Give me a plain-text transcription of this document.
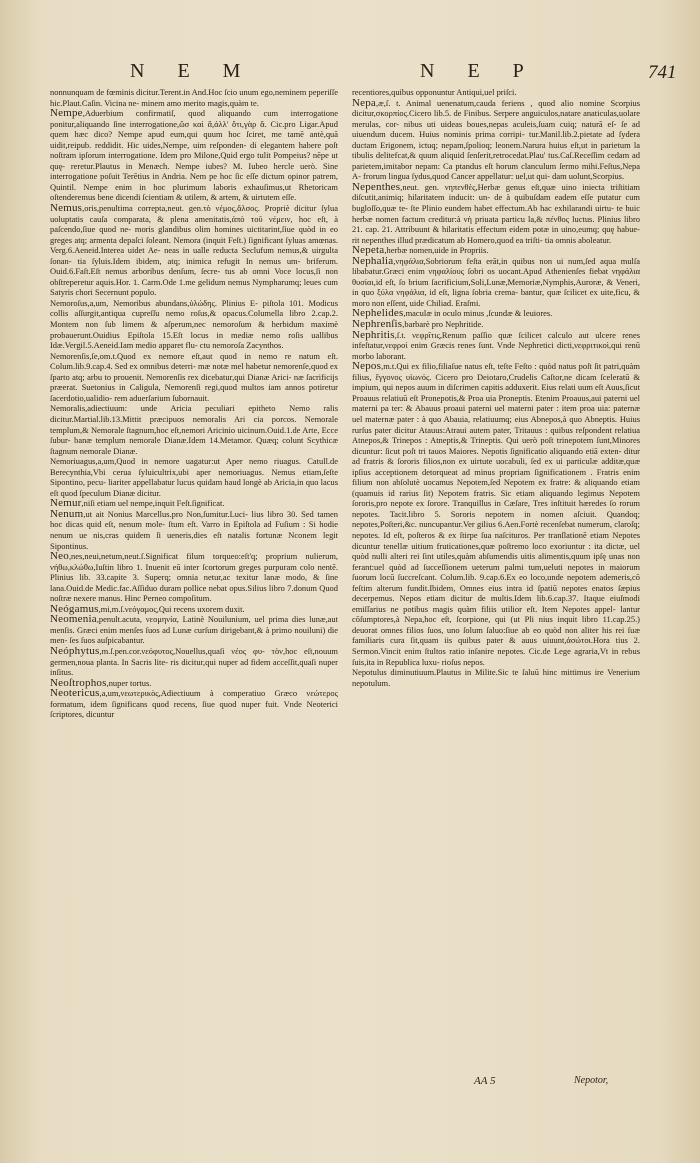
N E M	N E P	741

nonnunquam de fœminis dicitur.Terent.in And.Hoc ſcio unum ego,neminem peperiſſe hic.Plaut.Caſin. Vicina ne- minem amo merito magis,quàm te.

Nempe,Aduerbium confirmatiſ, quod aliquando cum interrogatione ponitur,aliquando ſine interrogatione,ὥσ καὶ ἅ,ἀλλ' ὅτι,γὰρ ἄ. Cic.pro Ligar.Apud quem hæc dico? Nempe apud eum,qui quum hoc ſciret, me tamē antè,quā uidit,reipub. reddidit. Hic uides,Nempe, uim reſponden- di elegantem habere poſt noſtram ipſorum interrogatione. Idem pro Milone,Quid ergo tulit Pompeius? nēpe ut quę- reretur.Plautus in Menæch. Nempe iubes? M. Iubeo hercle uerò. Sine interrogatione poſuit Terētius in Andria. Nem pe hoc ſic eſſe dictum opinor patrem, Quintil. Nempe enim in hoc plurimum laboris exhauſimus,ut Rhetoricam oſtenderemus bene dicendi ſcientiam & utilem, & artem, & uirtutem eſſe.

Nemus,oris,penultima correpta,neut. gen.τὸ νέμος,ἄλσος. Propriè dicitur ſylua uoluptatis cauſa comparata, & plena amenitatis,ἀπὸ τοῦ νέμειν, hoc eſt, à paſcendo,ſiue quod ne- moris glandibus olim homines uictitarint,ſiue quòd in eo greges atq; armenta depaſci ſoleant. Nemora (inquit Feſt.) ſignificant ſyluas amœnas. Verg.6.Aeneid.Interea uidet Ae- neas in ualle reducta Seclufum nemus,& uirgulta ſonan- tia ſyluis.Idem ibidem, atq; inimica refugit In nemus um- briferum. Ouid.6.Faſt.Eſt nemus arboribus denſum, ſecre- tus ab omni Voce locus,ſi non obſtreperetur aquis.Hor. 1. Carm.Ode 1.me gelidum nemus Nympharumq; leues cum Satyris chori Secernunt populo.

Nemoroſus,a,um, Nemoribus abundans,ὑλώδης. Plinius E- piſtola 101. Modicus collis aſſurgit,antiqua cupreſſu nemo roſus,& opacus.Columella libro 2.cap.2. Montem non ſub limem & aſperum,nec nemoroſum & herbidum maximè probauerunt.Ouidius Epiſtola 15.Eſt locus in mediæ nemo roſis uallibus Idæ.Vergil.5.Aeneid.Iam medio apparet flu- ctu nemoroſa Zacynthos.

Nemorenſis,ſe,om.t.Quod ex nemore eſt,aut quod in nemo re natum eſt. Colum.lib.9.cap.4. Sed ex omnibus deterri- mæ notæ mel habetur nemorenſe,quod ex ſparto atq; arbu to prouenit. Nemorenſis rex dicebatur,qui Dianæ Arici- næ ſacrificijs præerat. Suetonius in Caligula, Nemorenſi regi,quod multos iam annos potiretur ſacerdotio,ualidio- rem aduerſarium ſubornauit.

Nemoralis,adiectiuum: unde Aricia peculiari epitheto Nemo ralis dicitur.Martial.lib.13.Mittit præcipuos nemoralis Ari cia porcos. Nemorale templum,& Nemorale ſtagnum,hoc eſt,nemori Aricinio uicinum.Ouid.1.de Arte, Ecce ſubur- banæ templum nemorale Dianæ.Idem 14.Metamor. Quæq; colunt Scythicæ ſtagnum nemorale Dianæ.

Nemoriuagus,a,um,Quod in nemore uagatur:ut Aper nemo riuagus. Catull.de Berecynthia,Vbi cerua ſyluicultrix,ubi aper nemoriuagus. Nemus etiam,ſeſte Sipontino, pecu- liariter appellabatur lucus quidam haud longè ab Aricia,in quo lacus eſt quod ſpeculum Dianæ dicitur.

Nemur,niſi etiam uel nempe,inquit Feſt.ſignificat.

Nenum,ut ait Nonius Marcellus.pro Non,ſumitur.Luci- lius libro 30. Sed tamen hoc dicas quid eſt, nenum mole- ſtum eſt. Varro in Epiſtola ad Fuſium : Si hodie nenum ue nis,cras quidem ſi ueneris,dies eſt natalis fortunæ Nconem legit Sipontinus.

Neo,nes,neui,netum,neut.ſ.Significat filum torqueo:eſt'q; proprium nulierum, νήθω,κλώθω,Iuſtin libro 1. Inuenit eū inter ſcortorum greges purpuram colo nentē. Plinius lib. 33.capite 3. Superq; omnia netur,ac texitur lanæ modo, & ſine lana.Ouid.de Medic.fac.Aſſiduo duram pollice nebat opus.Silius libro 7.donum Quod noſtræ nexere manus. Hinc Perneo compoſitum.

Neógamus,mi,m.ſ.νεόγαμος,Qui recens uxorem duxit.

Neomenia,penult.acuta, νεομηνία, Latinè Nouilunium, uel prima dies lunæ,aut menſis. Græci enim menſes ſuos ad Lunæ curſum dirigebant,& à primo nouiluni) die men- ſes ſuos auſpicabantur.

Neóphytus,m.ſ.pen.cor.νεόφυτος,Nouellus,quaſi νέος φυ- τὸν,hoc eſt,nouum germen,noua planta. In Sacris lite- ris dicitur,qui nuper ad fidem acceſſit,quaſi nuper inſitus.

Neoſtrophos,nuper tortus.

Neotericus,a,um,νεωτερικὸς,Adiectiuum à comperatiuo Græco νεώτερος formatum, idem ſignificans quod recens, ſiue quod nuper fuit. Vnde Neoterici ſcriptores, dicuntur

recentiores,quibus opponuntur Antiqui,uel priſci.

Nepa,æ,ſ. t. Animal uenenatum,cauda feriens , quod alio nomine Scorpius dicitur,σκορπίος.Cicero lib.5. de Finibus. Serpere anguiculos,natare anaticulas,uolare merulas, cor- nibus uti uideas boues,nepas aculeis,ſuam cuiq; naturā eſ- ſe ad uiuendum ducem. Huius nominis prima corripi- tur.Manil.lib.2.pietate ad ſydera ductam Erigonem, ictuq; nepam,ſpolioq; leonem.Narura huius eſt,ut in parietum la tibulis delitefcat,& quum aliquid ſenſerit,retrocedat.Plau' tus.Caſ.Receſſim cedam ad parietem,imitabor nepam: Ca ptandus eſt horum clanculum ſermo mihi.Feſtus,Nepa A- frorum lingua ſydus,quod Cancer appellatur: uel,ut qui- dam uolunt,Scorpius.

Nepenthes,neut. gen. νηπενθὲς,Herbæ genus eſt,quæ uino iniecta triſtitiam diſcutit,animiq; hilaritatem inducit: un- de à quibuſdam eadem eſſe putatur cum bugloſſo,quæ te- ſte Plinio eundem habet effectum.Ab hac exhilarandi uirtu- te huic herbæ nomen factum creditur:à νὴ priuata particu la,& πένθος luctus. Plinius libro 21. cap. 21. Attribuunt & hilaritatis effectum eidem potæ in uino,eumq; quę habue- rit nepenthes illud prædicatum ab Homero,quod ea triſti- tia omnis aboleatur.

Nepeta,herbæ nomen,uide in Propriis.

Nephalia,νηφάλια,Sobriorum feſta erāt,in quibus non ui num,ſed aqua mulſa libabatur.Græci enim νηφαλίους ſobri os uocant.Apud Athenienſes fiebat νηφάλια θυσίαι,id eſt, ſo brium ſacrificium,Soli,Lunæ,Memoriæ,Nymphis,Auroræ, & Veneri, in quo ξύλα νηφάλια, id eſt, ligna ſobria crema- bantur, quæ ſcilicet ex uite,ficu, & moro non eſſent, uide Chiliad. Eraſmi.

Nephelides,maculæ in oculo minus ,ſcundæ & leuiores.

Nephrenſis,barbarè pro Nephritide.

Nephritis,ſ.t. νεφρῖτις,Renum paſſio quæ ſcilicet calculo aut ulcere renes infeſtatur,νεφροὶ enim Græcis renes ſunt. Vnde Nephretici dicti,νεφριτικοὶ,qui renū morbo laborant.

Nepos,m.t.Qui ex filio,filiaſue natus eſt, teſte Feſto : quòd natus poſt ſit patri,quàm filius, ἔγγονος υἱωνός. Cicero pro Deiotaro,Crudelis Caſtor,ne dicam ſceleratū & impium, qui nepos auum in diſcrimen capitis adduxerit. Eius relati uum eſt Auus,ſicut Proauus relatiuū eſt Pronepotis,& Proa uia Proneptis. Etenim Proauus,aui paterni uel materni pa ter: & Abauus proaui paterni uel materni pater : item proa uia: paternæ uel maternæ pater : à quo Abauia, relatiuumq; eius Abnepos,à quo Abneptis. Huius rurſus pater dicitur Atauus:Atraui autem pater, Tritauus : quibus reſpondent relatiua Atnepos,& Trinepos : Atneptis,& Trineptis. Qui uerò poſt trinepotem ſunt,Minores dicuntur: ſicut poſt tri tauos Maiores. Nepotis ſignificatio aliquando etiā exten- ditur ad fratris & ſororis filios,non ex uirtute uocabuli, ſed ex ui particulæ additæ,quæ ipſius acceptionem detorqueat ad minus propriam ſignificationem . Fratris enim filium non abſolutè uocamus Nepotem,ſed Nepotem ex fratre: & aliquando etiam (quamuis id rarius ſit) Nepotem fratris. Sic etiam aliquando legimus Nepotem ſororis,pro nepote ex ſorore. Tranquillus in Cæſare, Tres inſtituit hæredes ſo rorum nepotes. Tacit.libro 5. Sororis nepotem in nomen aſciuit. Quandoq; nepotes,Poſteri,&c. nuncupantur.Ver gilius 6.Aen.Fortè recenſebat numerum, claroſq; nepotes. Id eſt, poſteros & ex ſtirpe ſua naſcituros. Per tranſlationē etiam Nepotes dicuntur tenellæ uitium fruticationes,quæ poſtremo loco exoriuntur : ita dictæ, uel quòd nulli alteri rei ſint utiles,quàm abſumendis uitis alimentis,quum ipſę unas non ferant:uel quòd ad ſucceſſionem ueterum palmi tum,ueluti nepotes in maiorum ſuorum locū ſuccreſcant. Colum.lib. 9.cap.6.Ex eo loco,unde nepotem ademeris,cō feſtim alterum fundit.Ibidem, Omnes eius intra id ſpatiū nepotes enatos ſæpius decerpemus. Nepos etiam dicitur de multis.Idem lib.6.cap.37. Itaque eiuſmodi emiſſarius ne potibus magis quàm filiis utilior eſt. Item Nepotes appel- lantur cōſumptores,à Nepa,hoc eſt, ſcorpione, qui (ut Pli nius inquit libro 11.cap.25.) deuorat omnes filios ſuos, uno ſolum ſaluo:ſiue ab eo quòd non aliter his rei ſuæ familiaris cura ſit,quam iis quibus pater & auus uiuunt,ἀσώτοι.Hora tius 2. Sermon.Vincit enim ſtultos ratio inſanire nepotes. Cic.de Lege agraria,Vt in rebus ſuis,ita in Republica luxu- rioſus nepos.

Nepotulus diminutiuum.Plautus in Milite.Sic te ſaluū hinc mittimus ire Venerium nepotulum.

AA 5	Nepotor,
